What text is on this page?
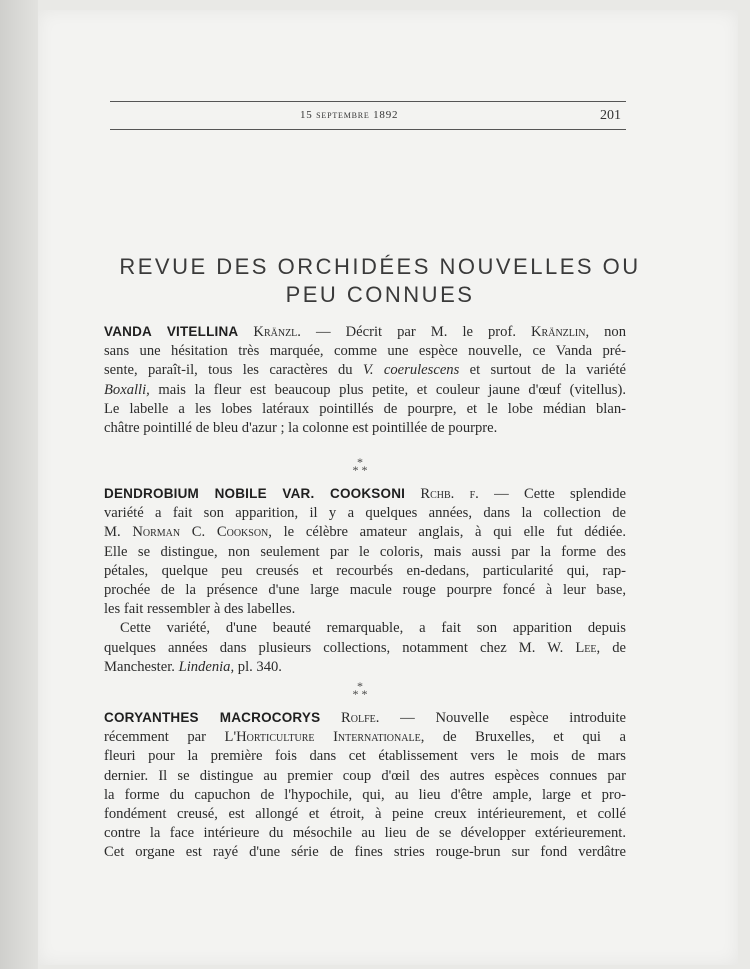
15 septembre 1892	201
REVUE DES ORCHIDÉES NOUVELLES OU
PEU CONNUES
VANDA VITELLINA Kränzl. — Décrit par M. le prof. Kränzlin, non
sans une hésitation très marquée, comme une espèce nouvelle, ce Vanda pré-
sente, paraît-il, tous les caractères du V. coerulescens et surtout de la variété
Boxalli, mais la fleur est beaucoup plus petite, et couleur jaune d'œuf (vitellus).
Le labelle a les lobes latéraux pointillés de pourpre, et le lobe médian blan-
châtre pointillé de bleu d'azur ; la colonne est pointillée de pourpre.
*
* *
DENDROBIUM NOBILE VAR. COOKSONI Rchb. f. — Cette splendide
variété a fait son apparition, il y a quelques années, dans la collection de
M. Norman C. Cookson, le célèbre amateur anglais, à qui elle fut dédiée.
Elle se distingue, non seulement par le coloris, mais aussi par la forme des
pétales, quelque peu creusés et recourbés en-dedans, particularité qui, rap-
prochée de la présence d'une large macule rouge pourpre foncé à leur base,
les fait ressembler à des labelles.
Cette variété, d'une beauté remarquable, a fait son apparition depuis
quelques années dans plusieurs collections, notamment chez M. W. Lee, de
Manchester. Lindenia, pl. 340.
*
* *
CORYANTHES MACROCORYS Rolfe. — Nouvelle espèce introduite
récemment par L'Horticulture Internationale, de Bruxelles, et qui a
fleuri pour la première fois dans cet établissement vers le mois de mars
dernier. Il se distingue au premier coup d'œil des autres espèces connues par
la forme du capuchon de l'hypochile, qui, au lieu d'être ample, large et pro-
fondément creusé, est allongé et étroit, à peine creux intérieurement, et collé
contre la face intérieure du mésochile au lieu de se développer extérieurement.
Cet organe est rayé d'une série de fines stries rouge-brun sur fond verdâtre
